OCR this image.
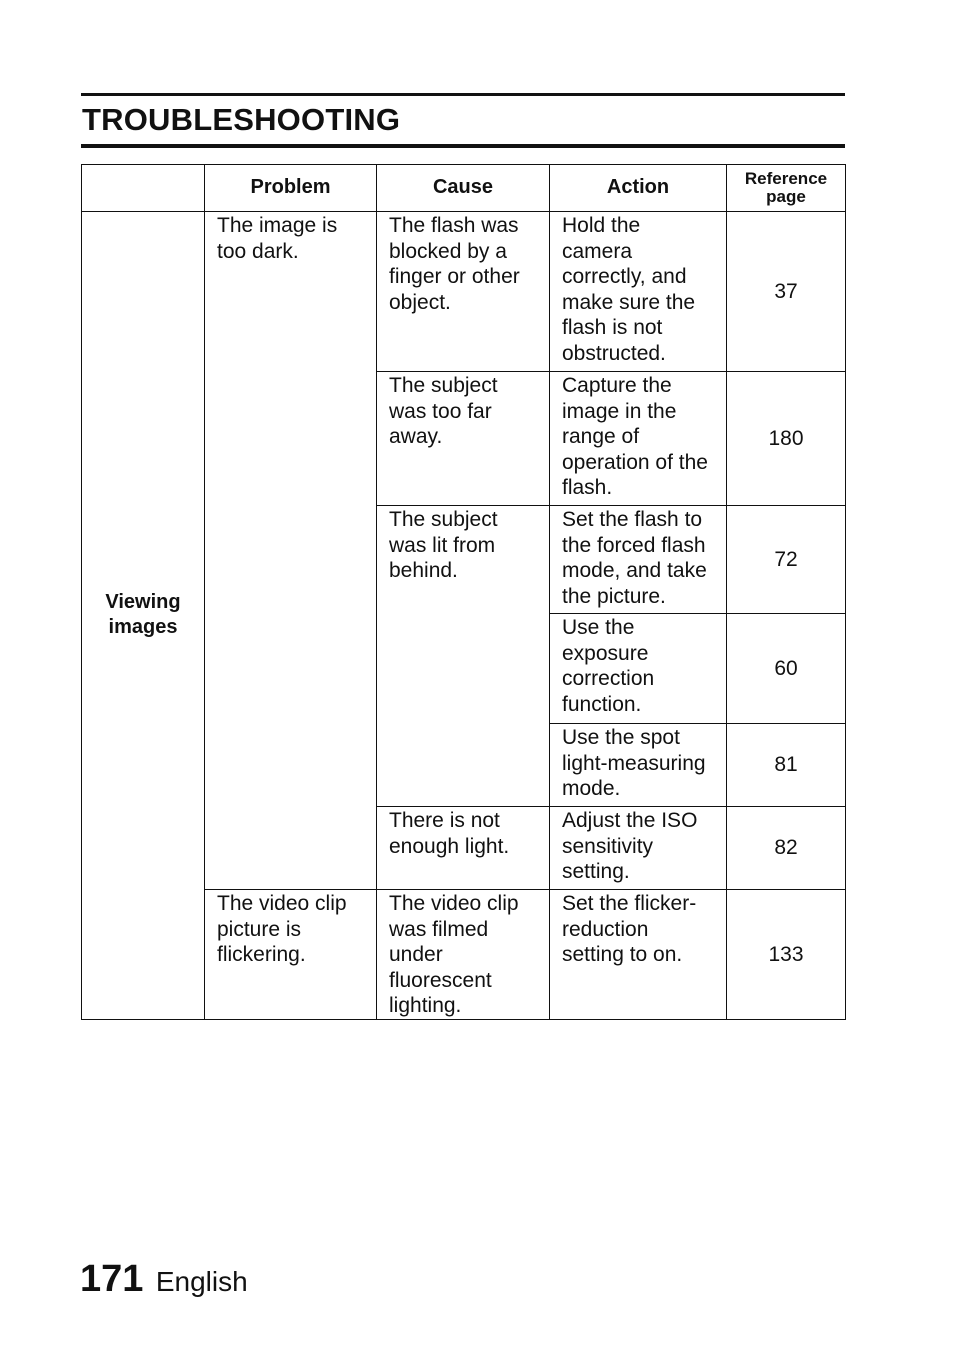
TROUBLESHOOTING
	Problem	Cause	Action	Reference page
Viewing images	The image is too dark.	The flash was blocked by a finger or other object.	Hold the camera correctly, and make sure the flash is not obstructed.	37
		The subject was too far away.	Capture the image in the range of operation of the flash.	180
		The subject was lit from behind.	Set the flash to the forced flash mode, and take the picture.	72
			Use the exposure correction function.	60
			Use the spot light-measuring mode.	81
		There is not enough light.	Adjust the ISO sensitivity setting.	82
	The video clip picture is flickering.	The video clip was filmed under fluorescent lighting.	Set the flicker-reduction setting to on.	133
171 English
